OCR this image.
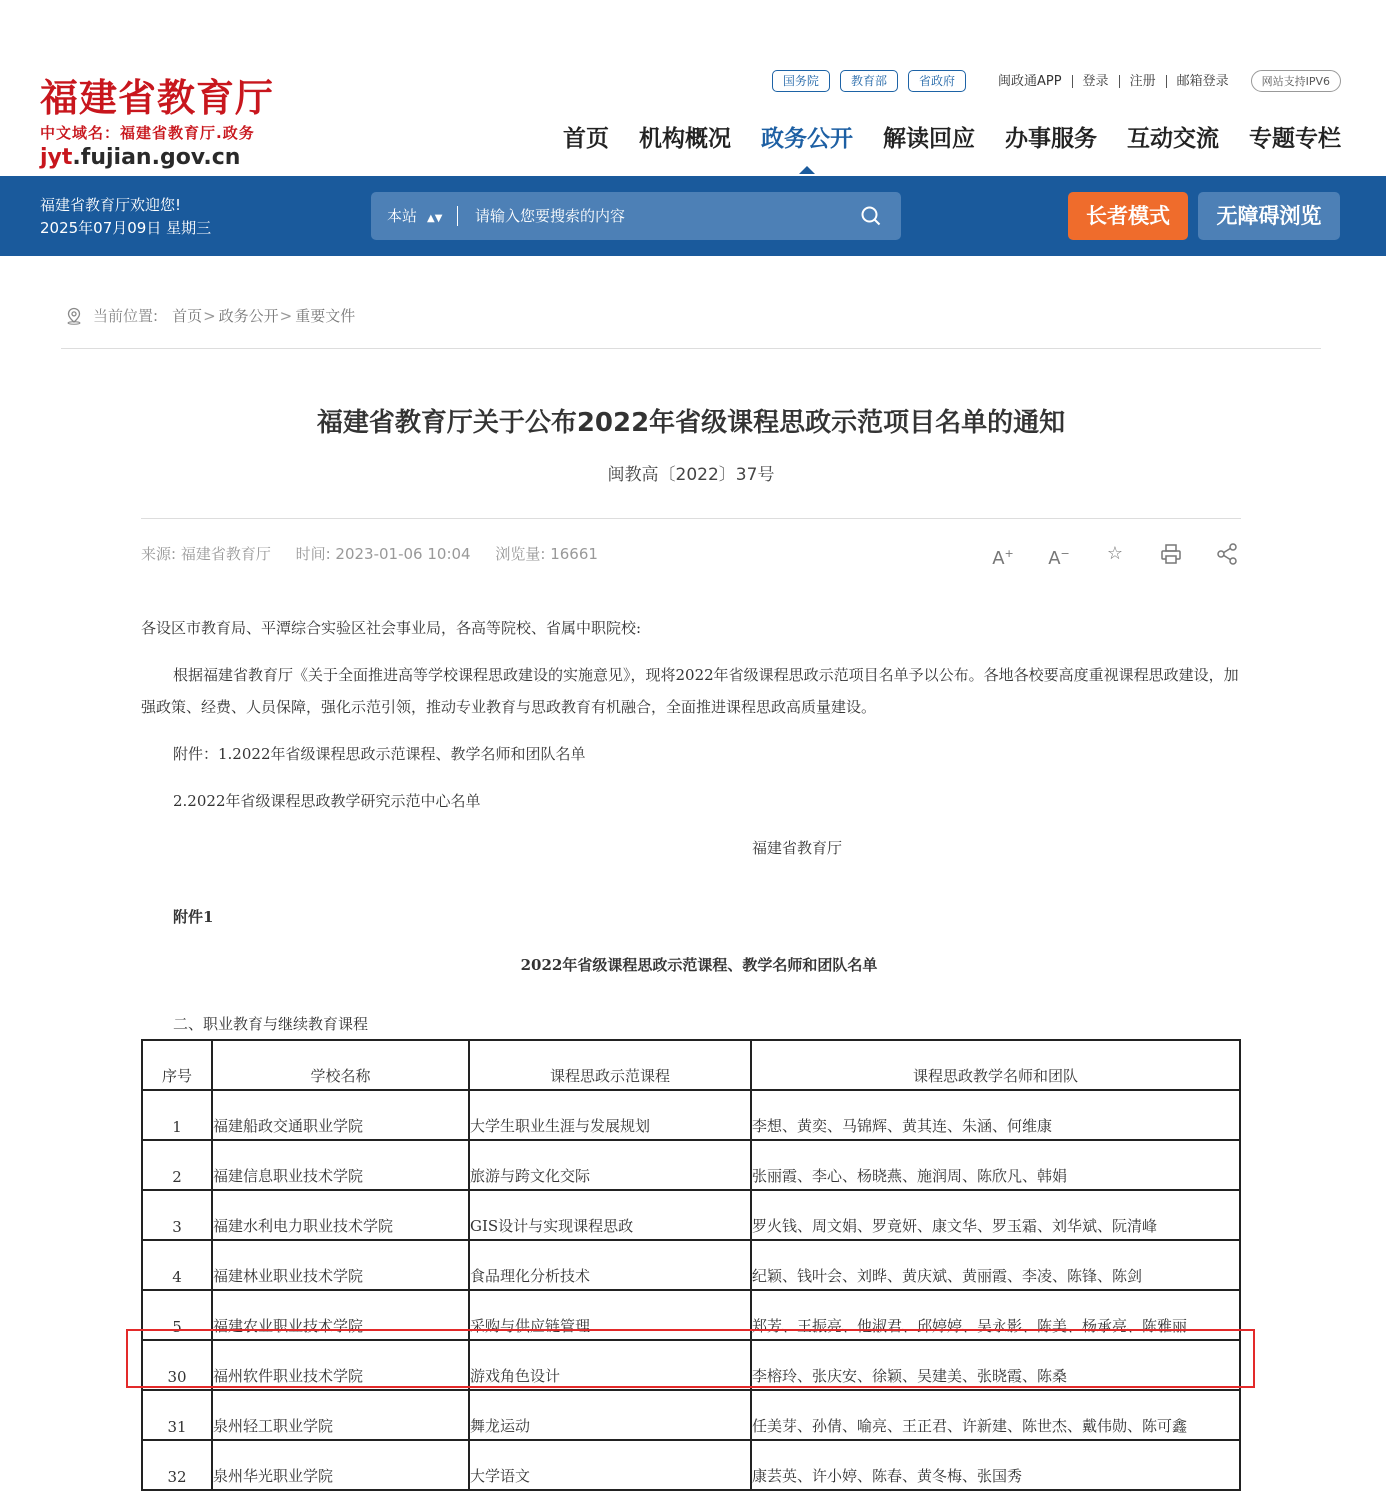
福建省教育厅
中文域名：福建省教育厅.政务
jyt.fujian.gov.cn
国务院	教育部	省政府	闽政通APP	登录	注册	邮箱登录	网站支持IPV6
首页 机构概况 政务公开 解读回应 办事服务 互动交流 专题专栏
福建省教育厅欢迎您!
2025年07月09日 星期三
本站 ▲▼
请输入您要搜索的内容	长者模式	无障碍浏览
当前位置: 首页 > 政务公开 > 重要文件
福建省教育厅关于公布2022年省级课程思政示范项目名单的通知
闽教高〔2022〕37号
来源: 福建省教育厅 时间: 2023-01-06 10:04 浏览量: 16661	A+ A−	☆
各设区市教育局、平潭综合实验区社会事业局，各高等院校、省属中职院校:
根据福建省教育厅《关于全面推进高等学校课程思政建设的实施意见》，现将2022年省级课程思政示范项目名单予以公布。各地各校要高度重视课程思政建设，加强政策、经费、人员保障，强化示范引领，推动专业教育与思政教育有机融合，全面推进课程思政高质量建设。
附件：1.2022年省级课程思政示范课程、教学名师和团队名单
2.2022年省级课程思政教学研究示范中心名单
福建省教育厅
附件1
2022年省级课程思政示范课程、教学名师和团队名单
二、职业教育与继续教育课程
序号	学校名称	课程思政示范课程	课程思政教学名师和团队
1	福建船政交通职业学院	大学生职业生涯与发展规划	李想、黄奕、马锦辉、黄其连、朱涵、何维康
2	福建信息职业技术学院	旅游与跨文化交际	张丽霞、李心、杨晓燕、施润周、陈欣凡、韩娟
3	福建水利电力职业技术学院	GIS设计与实现课程思政	罗火钱、周文娟、罗竟妍、康文华、罗玉霜、刘华斌、阮清峰
4	福建林业职业技术学院	食品理化分析技术	纪颖、钱叶会、刘晔、黄庆斌、黄丽霞、李凌、陈锋、陈剑
5	福建农业职业技术学院	采购与供应链管理	郑芳、王振亮、他淑君、邱婷婷、吴永影、陈美、杨承亮、陈雅丽
30	福州软件职业技术学院	游戏角色设计	李榕玲、张庆安、徐颖、吴建美、张晓霞、陈桑
31	泉州轻工职业学院	舞龙运动	任美芽、孙倩、喻亮、王正君、许新建、陈世杰、戴伟勋、陈可鑫
32	泉州华光职业学院	大学语文	康芸英、许小婷、陈春、黄冬梅、张国秀
